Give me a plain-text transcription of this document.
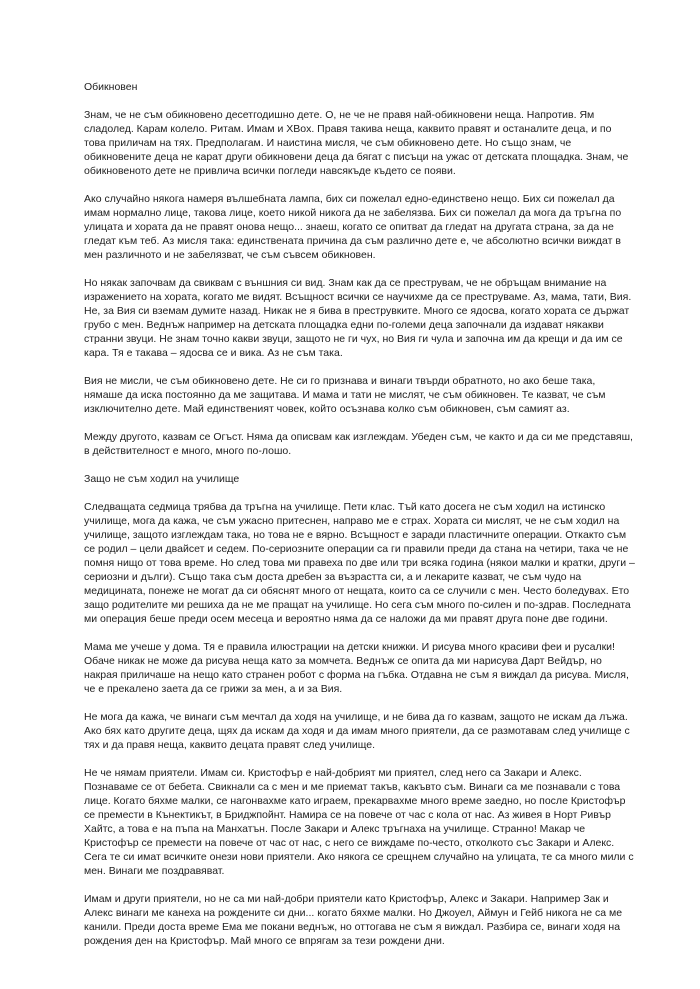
Обикновен

Знам, че не съм обикновено десетгодишно дете. О, не че не правя най-обикновени неща. Напротив. Ям сладолед. Карам колело. Ритам. Имам и XBox. Правя такива неща, каквито правят и останалите деца, и по това приличам на тях. Предполагам. И наистина мисля, че съм обикновено дете. Но също знам, че обикновените деца не карат други обикновени деца да бягат с писъци на ужас от детската площадка. Знам, че обикновеното дете не привлича всички погледи навсякъде където се появи.

Ако случайно някога намеря вълшебната лампа, бих си пожелал едно-единствено нещо. Бих си пожелал да имам нормално лице, такова лице, което никой никога да не забелязва. Бих си пожелал да мога да тръгна по улицата и хората да не правят онова нещо... знаеш, когато се опитват да гледат на другата страна, за да не гледат към теб. Аз мисля така: единствената причина да съм различно дете е, че абсолютно всички виждат в мен различното и не забелязват, че съм съвсем обикновен.

Но някак започвам да свиквам с външния си вид. Знам как да се преструвам, че не обръщам внимание на изражението на хората, когато ме видят. Всъщност всички се научихме да се преструваме. Аз, мама, тати, Вия. Не, за Вия си вземам думите назад. Никак не я бива в преструвките. Много се ядосва, когато хората се държат грубо с мен. Веднъж например на детската площадка едни по-големи деца започнали да издават някакви странни звуци. Не знам точно какви звуци, защото не ги чух, но Вия ги чула и започна им да крещи и да им се кара. Тя е такава – ядосва се и вика. Аз не съм така.

Вия не мисли, че съм обикновено дете. Не си го признава и винаги твърди обратното, но ако беше така, нямаше да иска постоянно да ме защитава. И мама и тати не мислят, че съм обикновен. Те казват, че съм изключително дете. Май единственият човек, който осъзнава колко съм обикновен, съм самият аз.

Между другото, казвам се Огъст. Няма да описвам как изглеждам. Убеден съм, че както и да си ме представяш, в действителност е много, много по-лошо.

Защо не съм ходил на училище

Следващата седмица трябва да тръгна на училище. Пети клас. Тъй като досега не съм ходил на истинско училище, мога да кажа, че съм ужасно притеснен, направо ме е страх. Хората си мислят, че не съм ходил на училище, защото изглеждам така, но това не е вярно. Всъщност е заради пластичните операции. Откакто съм се родил – цели двайсет и седем. По-сериозните операции са ги правили преди да стана на четири, така че не помня нищо от това време. Но след това ми правеха по две или три всяка година (някои малки и кратки, други – сериозни и дълги). Също така съм доста дребен за възрастта си, а и лекарите казват, че съм чудо на медицината, понеже не могат да си обяснят много от нещата, които са се случили с мен. Често боледувах. Ето защо родителите ми решиха да не ме пращат на училище. Но сега съм много по-силен и по-здрав. Последната ми операция беше преди осем месеца и вероятно няма да се наложи да ми правят друга поне две години.

Мама ме учеше у дома. Тя е правила илюстрации на детски книжки. И рисува много красиви феи и русалки! Обаче никак не може да рисува неща като за момчета. Веднъж се опита да ми нарисува Дарт Вейдър, но накрая приличаше на нещо като странен робот с форма на гъбка. Отдавна не съм я виждал да рисува. Мисля, че е прекалено заета да се грижи за мен, а и за Вия.

Не мога да кажа, че винаги съм мечтал да ходя на училище, и не бива да го казвам, защото не искам да лъжа. Ако бях като другите деца, щях да искам да ходя и да имам много приятели, да се размотавам след училище с тях и да правя неща, каквито децата правят след училище.

Не че нямам приятели. Имам си. Кристофър е най-добрият ми приятел, след него са Закари и Алекс. Познаваме се от бебета. Свикнали са с мен и ме приемат такъв, какъвто съм. Винаги са ме познавали с това лице. Когато бяхме малки, се нагонвахме като играем, прекарвахме много време заедно, но после Кристофър се премести в Кънектикът, в Бриджпойнт. Намира се на повече от час с кола от нас. Аз живея в Норт Ривър Хайтс, а това е на пъпа на Манхатън. После Закари и Алекс тръгнаха на училище. Странно! Макар че Кристофър се премести на повече от час от нас, с него се виждаме по-често, отколкото със Закари и Алекс. Сега те си имат всичките онези нови приятели. Ако някога се срещнем случайно на улицата, те са много мили с мен. Винаги ме поздравяват.

Имам и други приятели, но не са ми най-добри приятели като Кристофър, Алекс и Закари. Например Зак и Алекс винаги ме канеха на рождените си дни... когато бяхме малки. Но Джоуел, Аймун и Гейб никога не са ме канили. Преди доста време Ема ме покани веднъж, но оттогава не съм я виждал. Разбира се, винаги ходя на рождения ден на Кристофър. Май много се впрягам за тези рождени дни.
